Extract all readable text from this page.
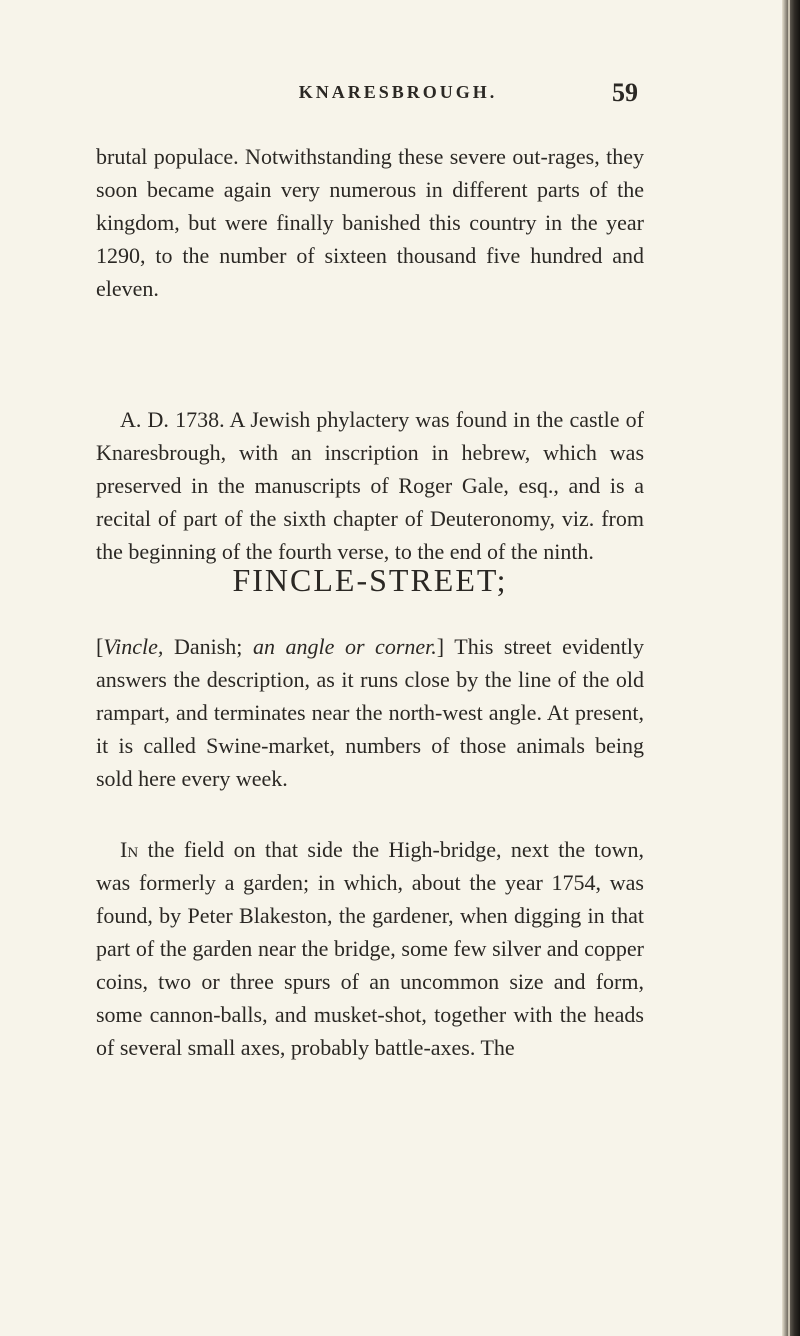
KNARESBROUGH.	59

brutal populace. Notwithstanding these severe out-rages, they soon became again very numerous in different parts of the kingdom, but were finally banished this country in the year 1290, to the number of sixteen thousand five hundred and eleven.

A. D. 1738. A Jewish phylactery was found in the castle of Knaresbrough, with an inscription in hebrew, which was preserved in the manuscripts of Roger Gale, esq., and is a recital of part of the sixth chapter of Deuteronomy, viz. from the beginning of the fourth verse, to the end of the ninth.

FINCLE-STREET;

[Vincle, Danish; an angle or corner.] This street evidently answers the description, as it runs close by the line of the old rampart, and terminates near the north-west angle. At present, it is called Swine-market, numbers of those animals being sold here every week.

In the field on that side the High-bridge, next the town, was formerly a garden; in which, about the year 1754, was found, by Peter Blakeston, the gardener, when digging in that part of the garden near the bridge, some few silver and copper coins, two or three spurs of an uncommon size and form, some cannon-balls, and musket-shot, together with the heads of several small axes, probably battle-axes. The
